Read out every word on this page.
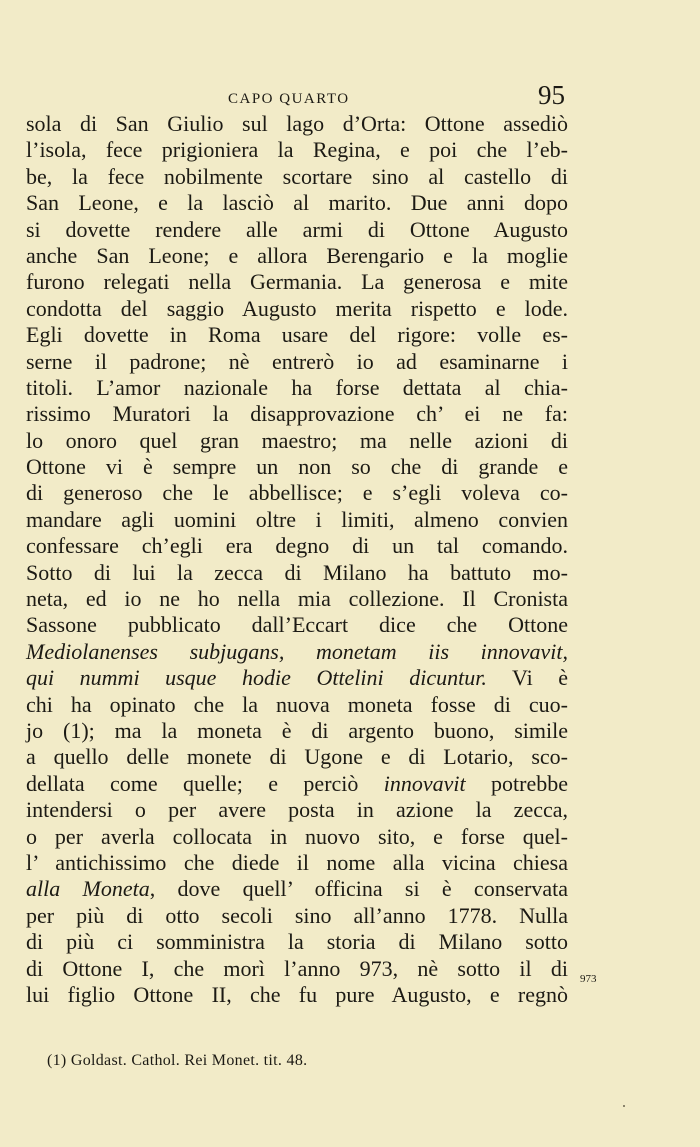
CAPO QUARTO	95
sola di San Giulio sul lago d’Orta: Ottone assediò
l’isola, fece prigioniera la Regina, e poi che l’eb-
be, la fece nobilmente scortare sino al castello di
San Leone, e la lasciò al marito. Due anni dopo
si dovette rendere alle armi di Ottone Augusto
anche San Leone; e allora Berengario e la moglie
furono relegati nella Germania. La generosa e mite
condotta del saggio Augusto merita rispetto e lode.
Egli dovette in Roma usare del rigore: volle es-
serne il padrone; nè entrerò io ad esaminarne i
titoli. L’amor nazionale ha forse dettata al chia-
rissimo Muratori la disapprovazione ch’ ei ne fa:
lo onoro quel gran maestro; ma nelle azioni di
Ottone vi è sempre un non so che di grande e
di generoso che le abbellisce; e s’egli voleva co-
mandare agli uomini oltre i limiti, almeno convien
confessare ch’egli era degno di un tal comando.
Sotto di lui la zecca di Milano ha battuto mo-
neta, ed io ne ho nella mia collezione. Il Cronista
Sassone pubblicato dall’Eccart dice che Ottone
Mediolanenses subjugans, monetam iis innovavit,
qui nummi usque hodie Ottelini dicuntur. Vi è
chi ha opinato che la nuova moneta fosse di cuo-
jo (1); ma la moneta è di argento buono, simile
a quello delle monete di Ugone e di Lotario, sco-
dellata come quelle; e perciò innovavit potrebbe
intendersi o per avere posta in azione la zecca,
o per averla collocata in nuovo sito, e forse quel-
l’ antichissimo che diede il nome alla vicina chiesa
alla Moneta, dove quell’ officina si è conservata
per più di otto secoli sino all’anno 1778. Nulla
di più ci somministra la storia di Milano sotto
di Ottone I, che morì l’anno 973, nè sotto il di
lui figlio Ottone II, che fu pure Augusto, e regnò
973
(1) Goldast. Cathol. Rei Monet. tit. 48.
